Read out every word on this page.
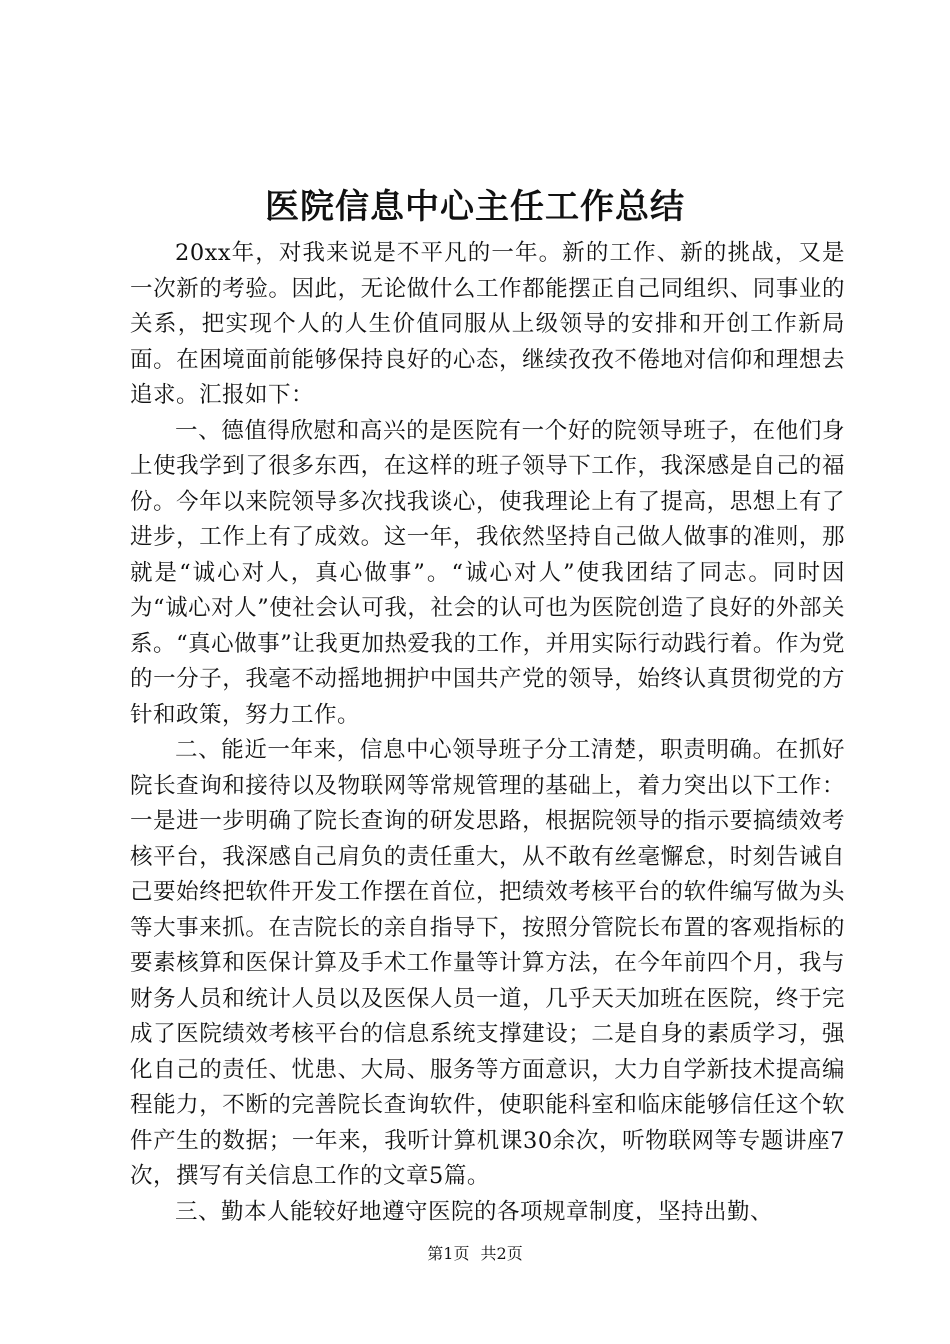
医院信息中心主任工作总结

20xx年，对我来说是不平凡的一年。新的工作、新的挑战，又是一次新的考验。因此，无论做什么工作都能摆正自己同组织、同事业的关系，把实现个人的人生价值同服从上级领导的安排和开创工作新局面。在困境面前能够保持良好的心态，继续孜孜不倦地对信仰和理想去追求。汇报如下：

一、德值得欣慰和高兴的是医院有一个好的院领导班子，在他们身上使我学到了很多东西，在这样的班子领导下工作，我深感是自己的福份。今年以来院领导多次找我谈心，使我理论上有了提高，思想上有了进步，工作上有了成效。这一年，我依然坚持自己做人做事的准则，那就是“诚心对人，真心做事”。“诚心对人”使我团结了同志。同时因为“诚心对人”使社会认可我，社会的认可也为医院创造了良好的外部关系。“真心做事”让我更加热爱我的工作，并用实际行动践行着。作为党的一分子，我毫不动摇地拥护中国共产党的领导，始终认真贯彻党的方针和政策，努力工作。

二、能近一年来，信息中心领导班子分工清楚，职责明确。在抓好院长查询和接待以及物联网等常规管理的基础上，着力突出以下工作：一是进一步明确了院长查询的研发思路，根据院领导的指示要搞绩效考核平台，我深感自己肩负的责任重大，从不敢有丝毫懈怠，时刻告诫自己要始终把软件开发工作摆在首位，把绩效考核平台的软件编写做为头等大事来抓。在吉院长的亲自指导下，按照分管院长布置的客观指标的要素核算和医保计算及手术工作量等计算方法，在今年前四个月，我与财务人员和统计人员以及医保人员一道，几乎天天加班在医院，终于完成了医院绩效考核平台的信息系统支撑建设；二是自身的素质学习，强化自己的责任、忧患、大局、服务等方面意识，大力自学新技术提高编程能力，不断的完善院长查询软件，使职能科室和临床能够信任这个软件产生的数据；一年来，我听计算机课30余次，听物联网等专题讲座7次，撰写有关信息工作的文章5篇。

三、勤本人能较好地遵守医院的各项规章制度，坚持出勤、

第1页 共2页
